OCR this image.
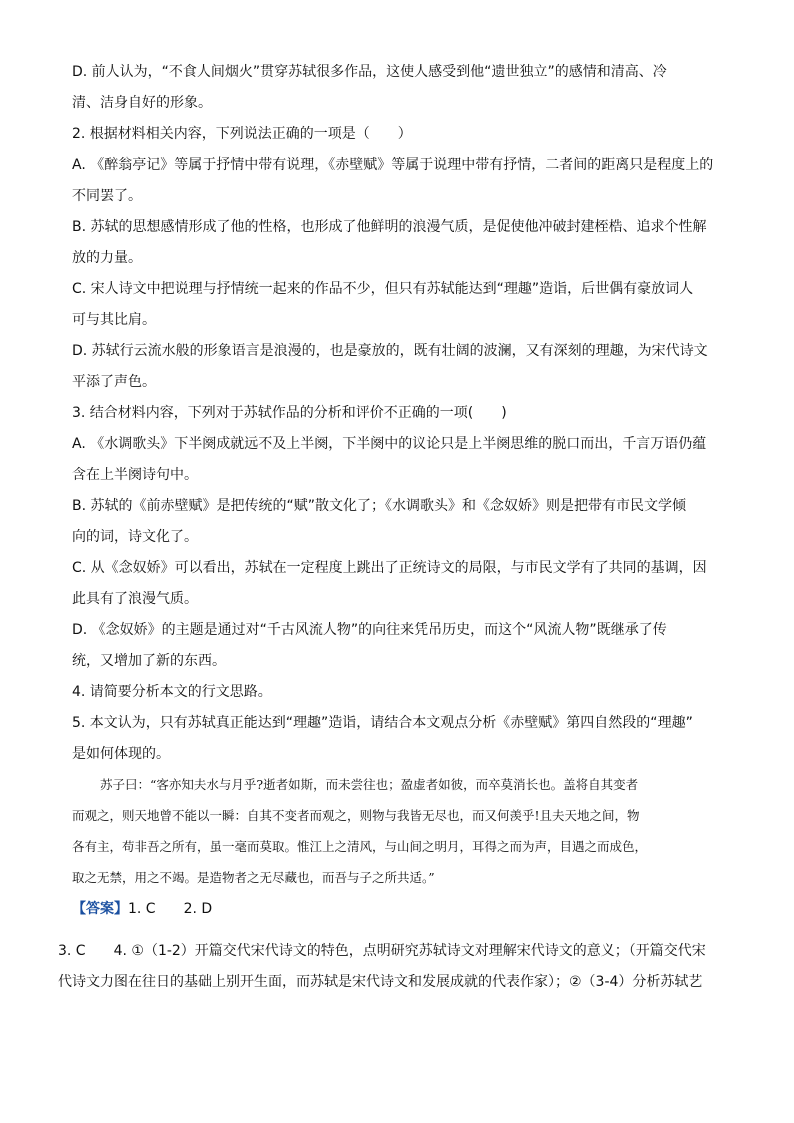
D. 前人认为，“不食人间烟火”贯穿苏轼很多作品，这使人感受到他“遗世独立”的感情和清高、冷

清、洁身自好的形象。

2. 根据材料相关内容，下列说法正确的一项是（　　）

A. 《醉翁亭记》等属于抒情中带有说理，《赤壁赋》等属于说理中带有抒情，二者间的距离只是程度上的

不同罢了。

B. 苏轼的思想感情形成了他的性格，也形成了他鲜明的浪漫气质，是促使他冲破封建桎梏、追求个性解

放的力量。

C. 宋人诗文中把说理与抒情统一起来的作品不少，但只有苏轼能达到“理趣”造诣，后世偶有豪放词人

可与其比肩。

D. 苏轼行云流水般的形象语言是浪漫的，也是豪放的，既有壮阔的波澜，又有深刻的理趣，为宋代诗文

平添了声色。

3. 结合材料内容，下列对于苏轼作品的分析和评价不正确的一项(　　)

A. 《水调歌头》下半阕成就远不及上半阕，下半阕中的议论只是上半阕思维的脱口而出，千言万语仍蕴

含在上半阕诗句中。

B. 苏轼的《前赤壁赋》是把传统的“赋”散文化了；《水调歌头》和《念奴娇》则是把带有市民文学倾

向的词，诗文化了。

C. 从《念奴娇》可以看出，苏轼在一定程度上跳出了正统诗文的局限，与市民文学有了共同的基调，因

此具有了浪漫气质。

D. 《念奴娇》的主题是通过对“千古风流人物”的向往来凭吊历史，而这个“风流人物”既继承了传

统，又增加了新的东西。

4. 请简要分析本文的行文思路。

5. 本文认为，只有苏轼真正能达到“理趣”造诣，请结合本文观点分析《赤壁赋》第四自然段的“理趣”

是如何体现的。

苏子曰：“客亦知夫水与月乎?逝者如斯，而未尝往也；盈虚者如彼，而卒莫消长也。盖将自其变者

而观之，则天地曾不能以一瞬：自其不变者而观之，则物与我皆无尽也，而又何羡乎!且夫天地之间，物

各有主，苟非吾之所有，虽一毫而莫取。惟江上之清风，与山间之明月，耳得之而为声，目遇之而成色，

取之无禁，用之不竭。是造物者之无尽藏也，而吾与子之所共适。”

【答案】1. C　　2. D

3. C　　4. ①（1-2）开篇交代宋代诗文的特色，点明研究苏轼诗文对理解宋代诗文的意义；（开篇交代宋

代诗文力图在往日的基础上别开生面，而苏轼是宋代诗文和发展成就的代表作家）；②（3-4）分析苏轼艺
